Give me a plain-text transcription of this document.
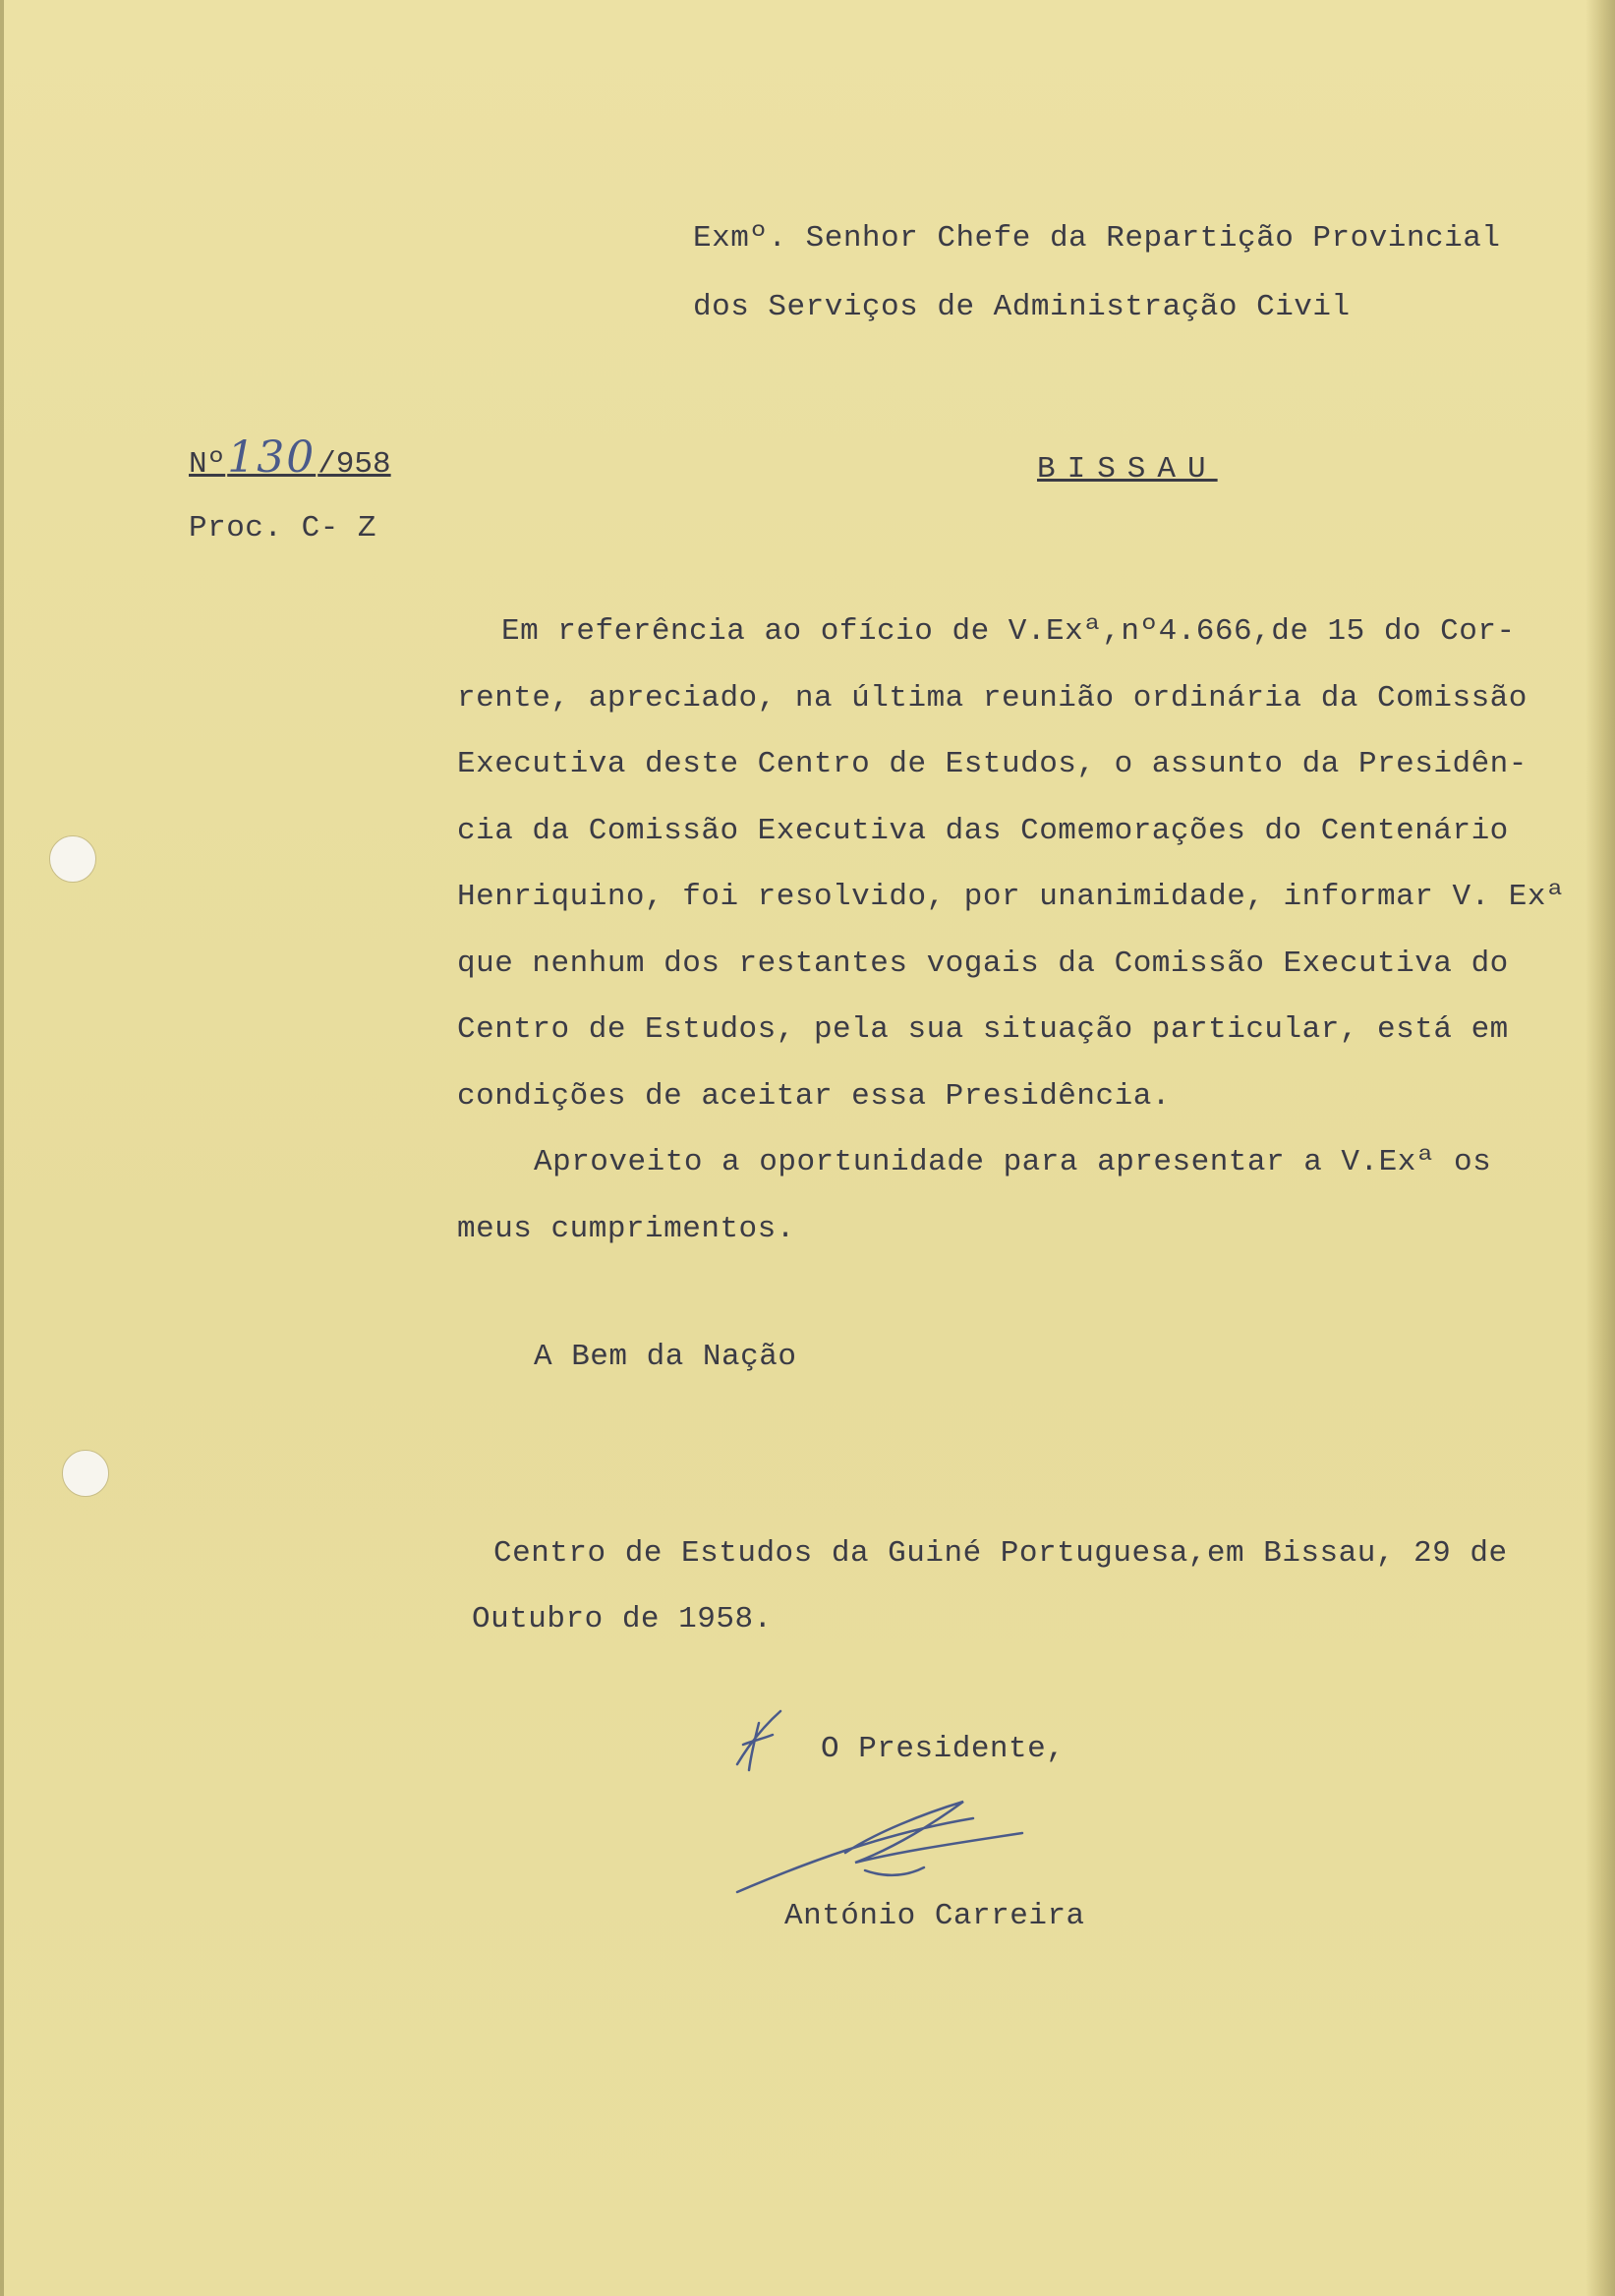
Exmº. Senhor Chefe da Repartição Provincial
dos Serviços de Administração Civil
Nº130/958
Proc. C- Z
BISSAU
Em referência ao ofício de V.Exª,nº4.666,de 15 do Cor-
rente, apreciado, na última reunião ordinária da Comissão
Executiva deste Centro de Estudos, o assunto da Presidên-
cia da Comissão Executiva das Comemorações do Centenário
Henriquino, foi resolvido, por unanimidade, informar V. Exª
que nenhum dos restantes vogais da Comissão Executiva do
Centro de Estudos, pela sua situação particular, está em
condições de aceitar essa Presidência.
Aproveito a oportunidade para apresentar a V.Exª os
meus cumprimentos.
A Bem da Nação
Centro de Estudos da Guiné Portuguesa,em Bissau, 29 de
Outubro de 1958.
O Presidente,
António Carreira
